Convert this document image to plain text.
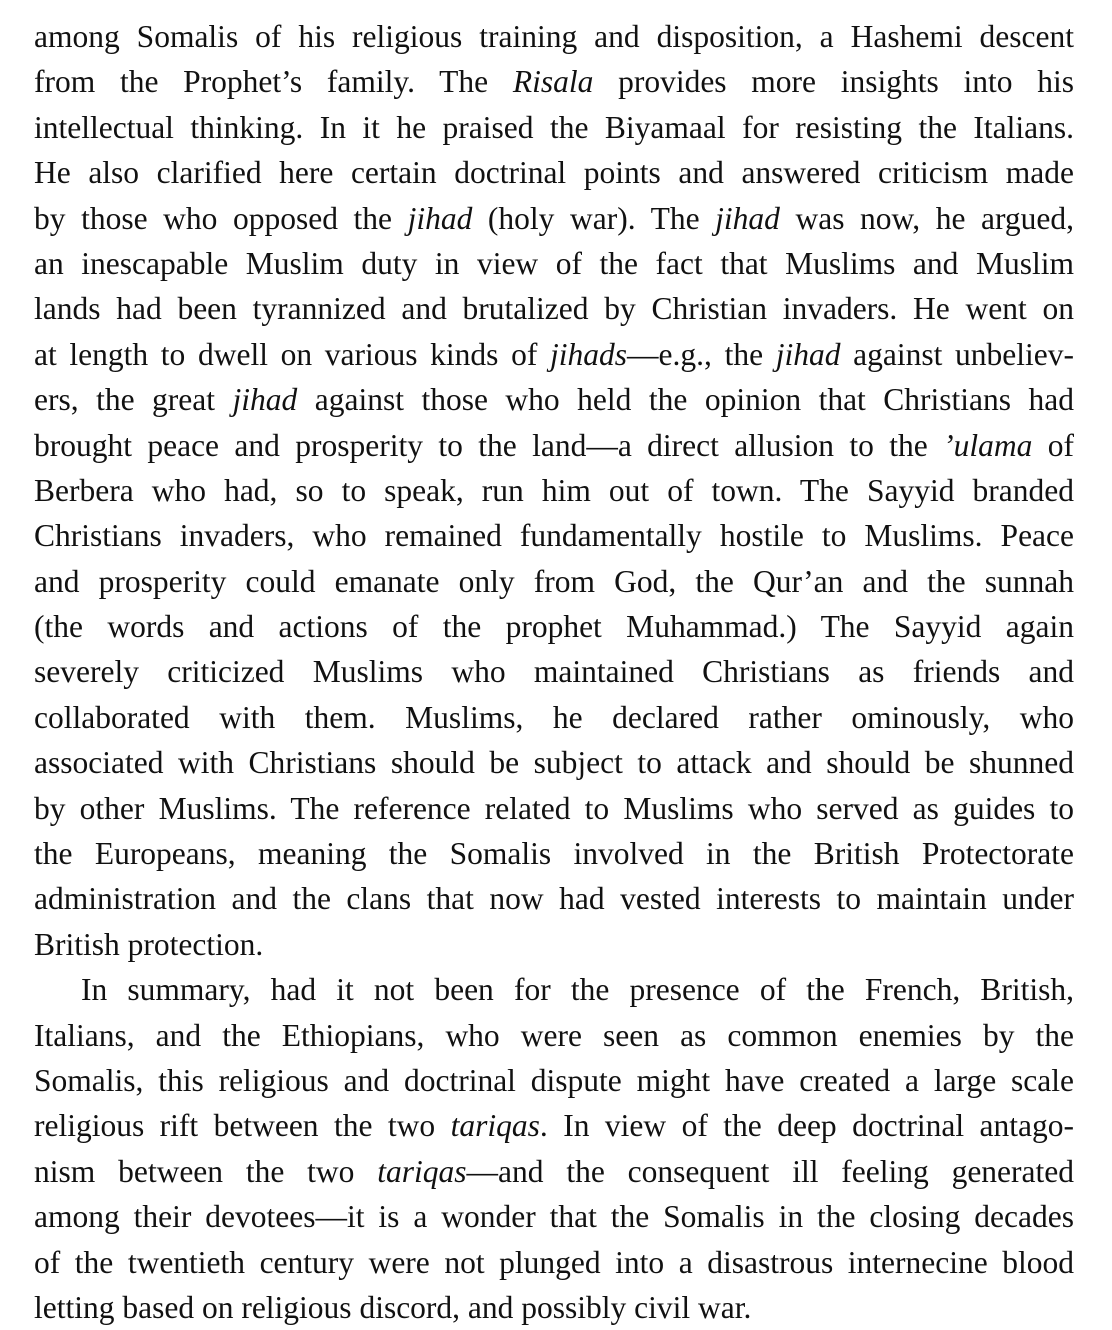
among Somalis of his religious training and disposition, a Hashemi descent
from the Prophet’s family. The Risala provides more insights into his
intellectual thinking. In it he praised the Biyamaal for resisting the Italians.
He also clarified here certain doctrinal points and answered criticism made
by those who opposed the jihad (holy war). The jihad was now, he argued,
an inescapable Muslim duty in view of the fact that Muslims and Muslim
lands had been tyrannized and brutalized by Christian invaders. He went on
at length to dwell on various kinds of jihads—e.g., the jihad against unbeliev-
ers, the great jihad against those who held the opinion that Christians had
brought peace and prosperity to the land—a direct allusion to the ’ulama of
Berbera who had, so to speak, run him out of town. The Sayyid branded
Christians invaders, who remained fundamentally hostile to Muslims. Peace
and prosperity could emanate only from God, the Qur’an and the sunnah
(the words and actions of the prophet Muhammad.) The Sayyid again
severely criticized Muslims who maintained Christians as friends and
collaborated with them. Muslims, he declared rather ominously, who
associated with Christians should be subject to attack and should be shunned
by other Muslims. The reference related to Muslims who served as guides to
the Europeans, meaning the Somalis involved in the British Protectorate
administration and the clans that now had vested interests to maintain under
British protection.
In summary, had it not been for the presence of the French, British,
Italians, and the Ethiopians, who were seen as common enemies by the
Somalis, this religious and doctrinal dispute might have created a large scale
religious rift between the two tariqas. In view of the deep doctrinal antago-
nism between the two tariqas—and the consequent ill feeling generated
among their devotees—it is a wonder that the Somalis in the closing decades
of the twentieth century were not plunged into a disastrous internecine blood
letting based on religious discord, and possibly civil war.
